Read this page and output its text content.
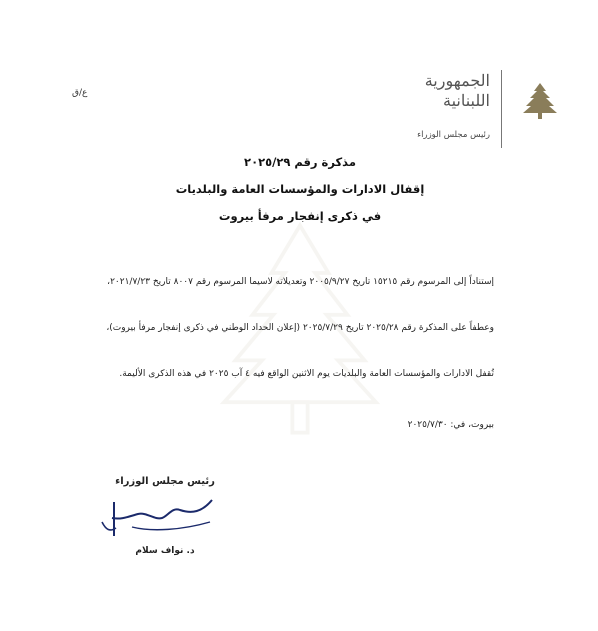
الجمهورية
اللبنانية
رئيس مجلس الوزراء
ع/ق
مذكرة رقم ٢٠٢٥/٢٩
إقفال الادارات والمؤسسات العامة والبلديات
في ذكرى إنفجار مرفأ بيروت
إستناداً إلى المرسوم رقم ١٥٢١٥ تاريخ ٢٠٠٥/٩/٢٧ وتعديلاته لاسيما المرسوم رقم ٨٠٠٧ تاريخ ٢٠٢١/٧/٢٣،
وعطفاً على المذكرة رقم ٢٠٢٥/٢٨ تاريخ ٢٠٢٥/٧/٢٩ (إعلان الحداد الوطني في ذكرى إنفجار مرفأ بيروت)،
تُقفل الادارات والمؤسسات العامة والبلديات يوم الاثنين الواقع فيه ٤ آب ٢٠٢٥ في هذه الذكرى الأليمة.
بيروت، في: ٢٠٢٥/٧/٣٠
رئيس مجلس الوزراء
د. نواف سلام
